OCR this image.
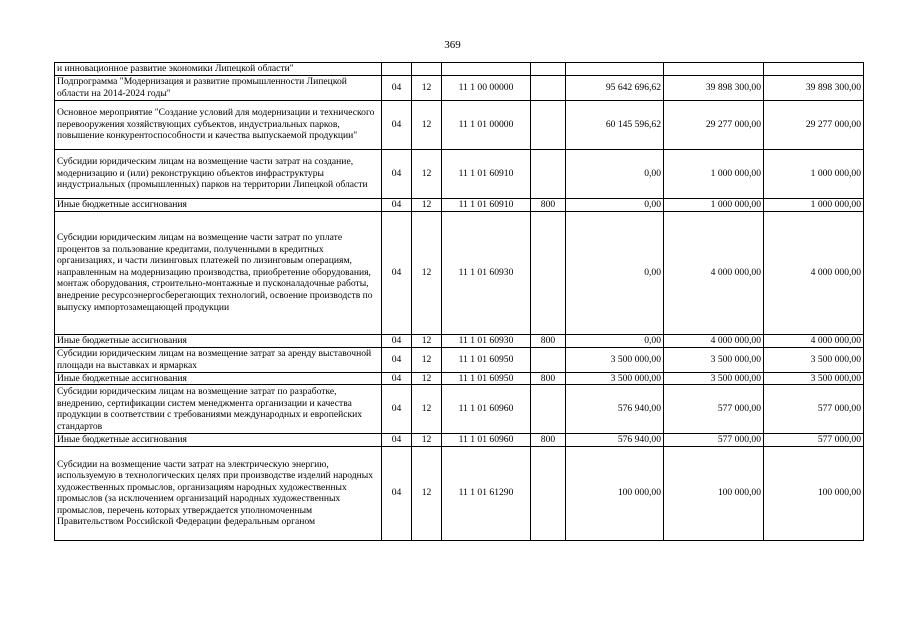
369
и инновационное развитие экономики Липецкой области"							
Подпрограмма "Модернизация и развитие промышленности Липецкой области на 2014-2024 годы"	04	12	11 1 00 00000		95 642 696,62	39 898 300,00	39 898 300,00
Основное мероприятие "Создание условий для модернизации и технического перевооружения хозяйствующих субъектов, индустриальных парков, повышение конкурентоспособности и качества выпускаемой продукции"	04	12	11 1 01 00000		60 145 596,62	29 277 000,00	29 277 000,00
Субсидии юридическим лицам на возмещение части затрат на создание, модернизацию и (или) реконструкцию объектов инфраструктуры индустриальных (промышленных) парков на территории Липецкой области	04	12	11 1 01 60910		0,00	1 000 000,00	1 000 000,00
Иные бюджетные ассигнования	04	12	11 1 01 60910	800	0,00	1 000 000,00	1 000 000,00
Субсидии юридическим лицам на возмещение части затрат по уплате процентов за пользование кредитами, полученными в кредитных организациях, и части лизинговых платежей по лизинговым операциям, направленным на модернизацию производства, приобретение оборудования, монтаж оборудования, строительно-монтажные и пусконаладочные работы, внедрение ресурсоэнергосберегающих технологий, освоение производств по выпуску импортозамещающей продукции	04	12	11 1 01 60930		0,00	4 000 000,00	4 000 000,00
Иные бюджетные ассигнования	04	12	11 1 01 60930	800	0,00	4 000 000,00	4 000 000,00
Субсидии юридическим лицам на возмещение затрат за аренду выставочной площади на выставках и ярмарках	04	12	11 1 01 60950		3 500 000,00	3 500 000,00	3 500 000,00
Иные бюджетные ассигнования	04	12	11 1 01 60950	800	3 500 000,00	3 500 000,00	3 500 000,00
Субсидии юридическим лицам на возмещение затрат по разработке, внедрению, сертификации систем менеджмента организации и качества продукции в соответствии с требованиями международных и европейских стандартов	04	12	11 1 01 60960		576 940,00	577 000,00	577 000,00
Иные бюджетные ассигнования	04	12	11 1 01 60960	800	576 940,00	577 000,00	577 000,00
Субсидии на возмещение части затрат на электрическую энергию, используемую в технологических целях при производстве изделий народных художественных промыслов, организациям народных художественных промыслов (за исключением организаций народных художественных промыслов, перечень которых утверждается уполномоченным Правительством Российской Федерации федеральным органом	04	12	11 1 01 61290		100 000,00	100 000,00	100 000,00
